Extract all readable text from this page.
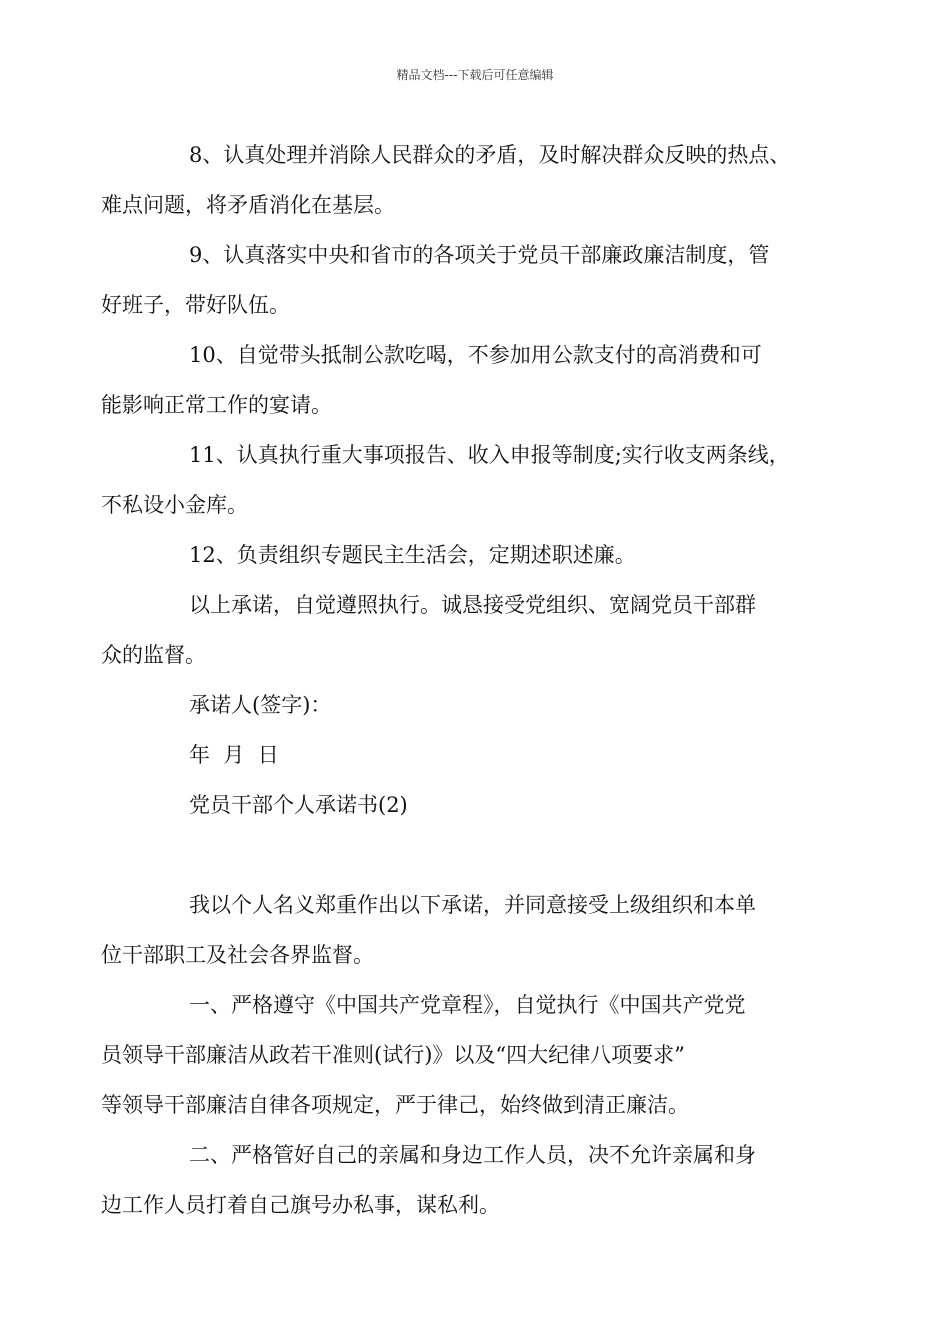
精品文档---下载后可任意编辑

8、认真处理并消除人民群众的矛盾，及时解决群众反映的热点、
难点问题，将矛盾消化在基层。

9、认真落实中央和省市的各项关于党员干部廉政廉洁制度，管
好班子，带好队伍。

10、自觉带头抵制公款吃喝，不参加用公款支付的高消费和可
能影响正常工作的宴请。

11、认真执行重大事项报告、收入申报等制度;实行收支两条线，
不私设小金库。

12、负责组织专题民主生活会，定期述职述廉。

以上承诺，自觉遵照执行。诚恳接受党组织、宽阔党员干部群
众的监督。

承诺人(签字)：

年  月  日

党员干部个人承诺书(2)

我以个人名义郑重作出以下承诺，并同意接受上级组织和本单
位干部职工及社会各界监督。

一、严格遵守《中国共产党章程》，自觉执行《中国共产党党
员领导干部廉洁从政若干准则(试行)》以及“四大纪律八项要求”
等领导干部廉洁自律各项规定，严于律己，始终做到清正廉洁。

二、严格管好自己的亲属和身边工作人员，决不允许亲属和身
边工作人员打着自己旗号办私事，谋私利。
